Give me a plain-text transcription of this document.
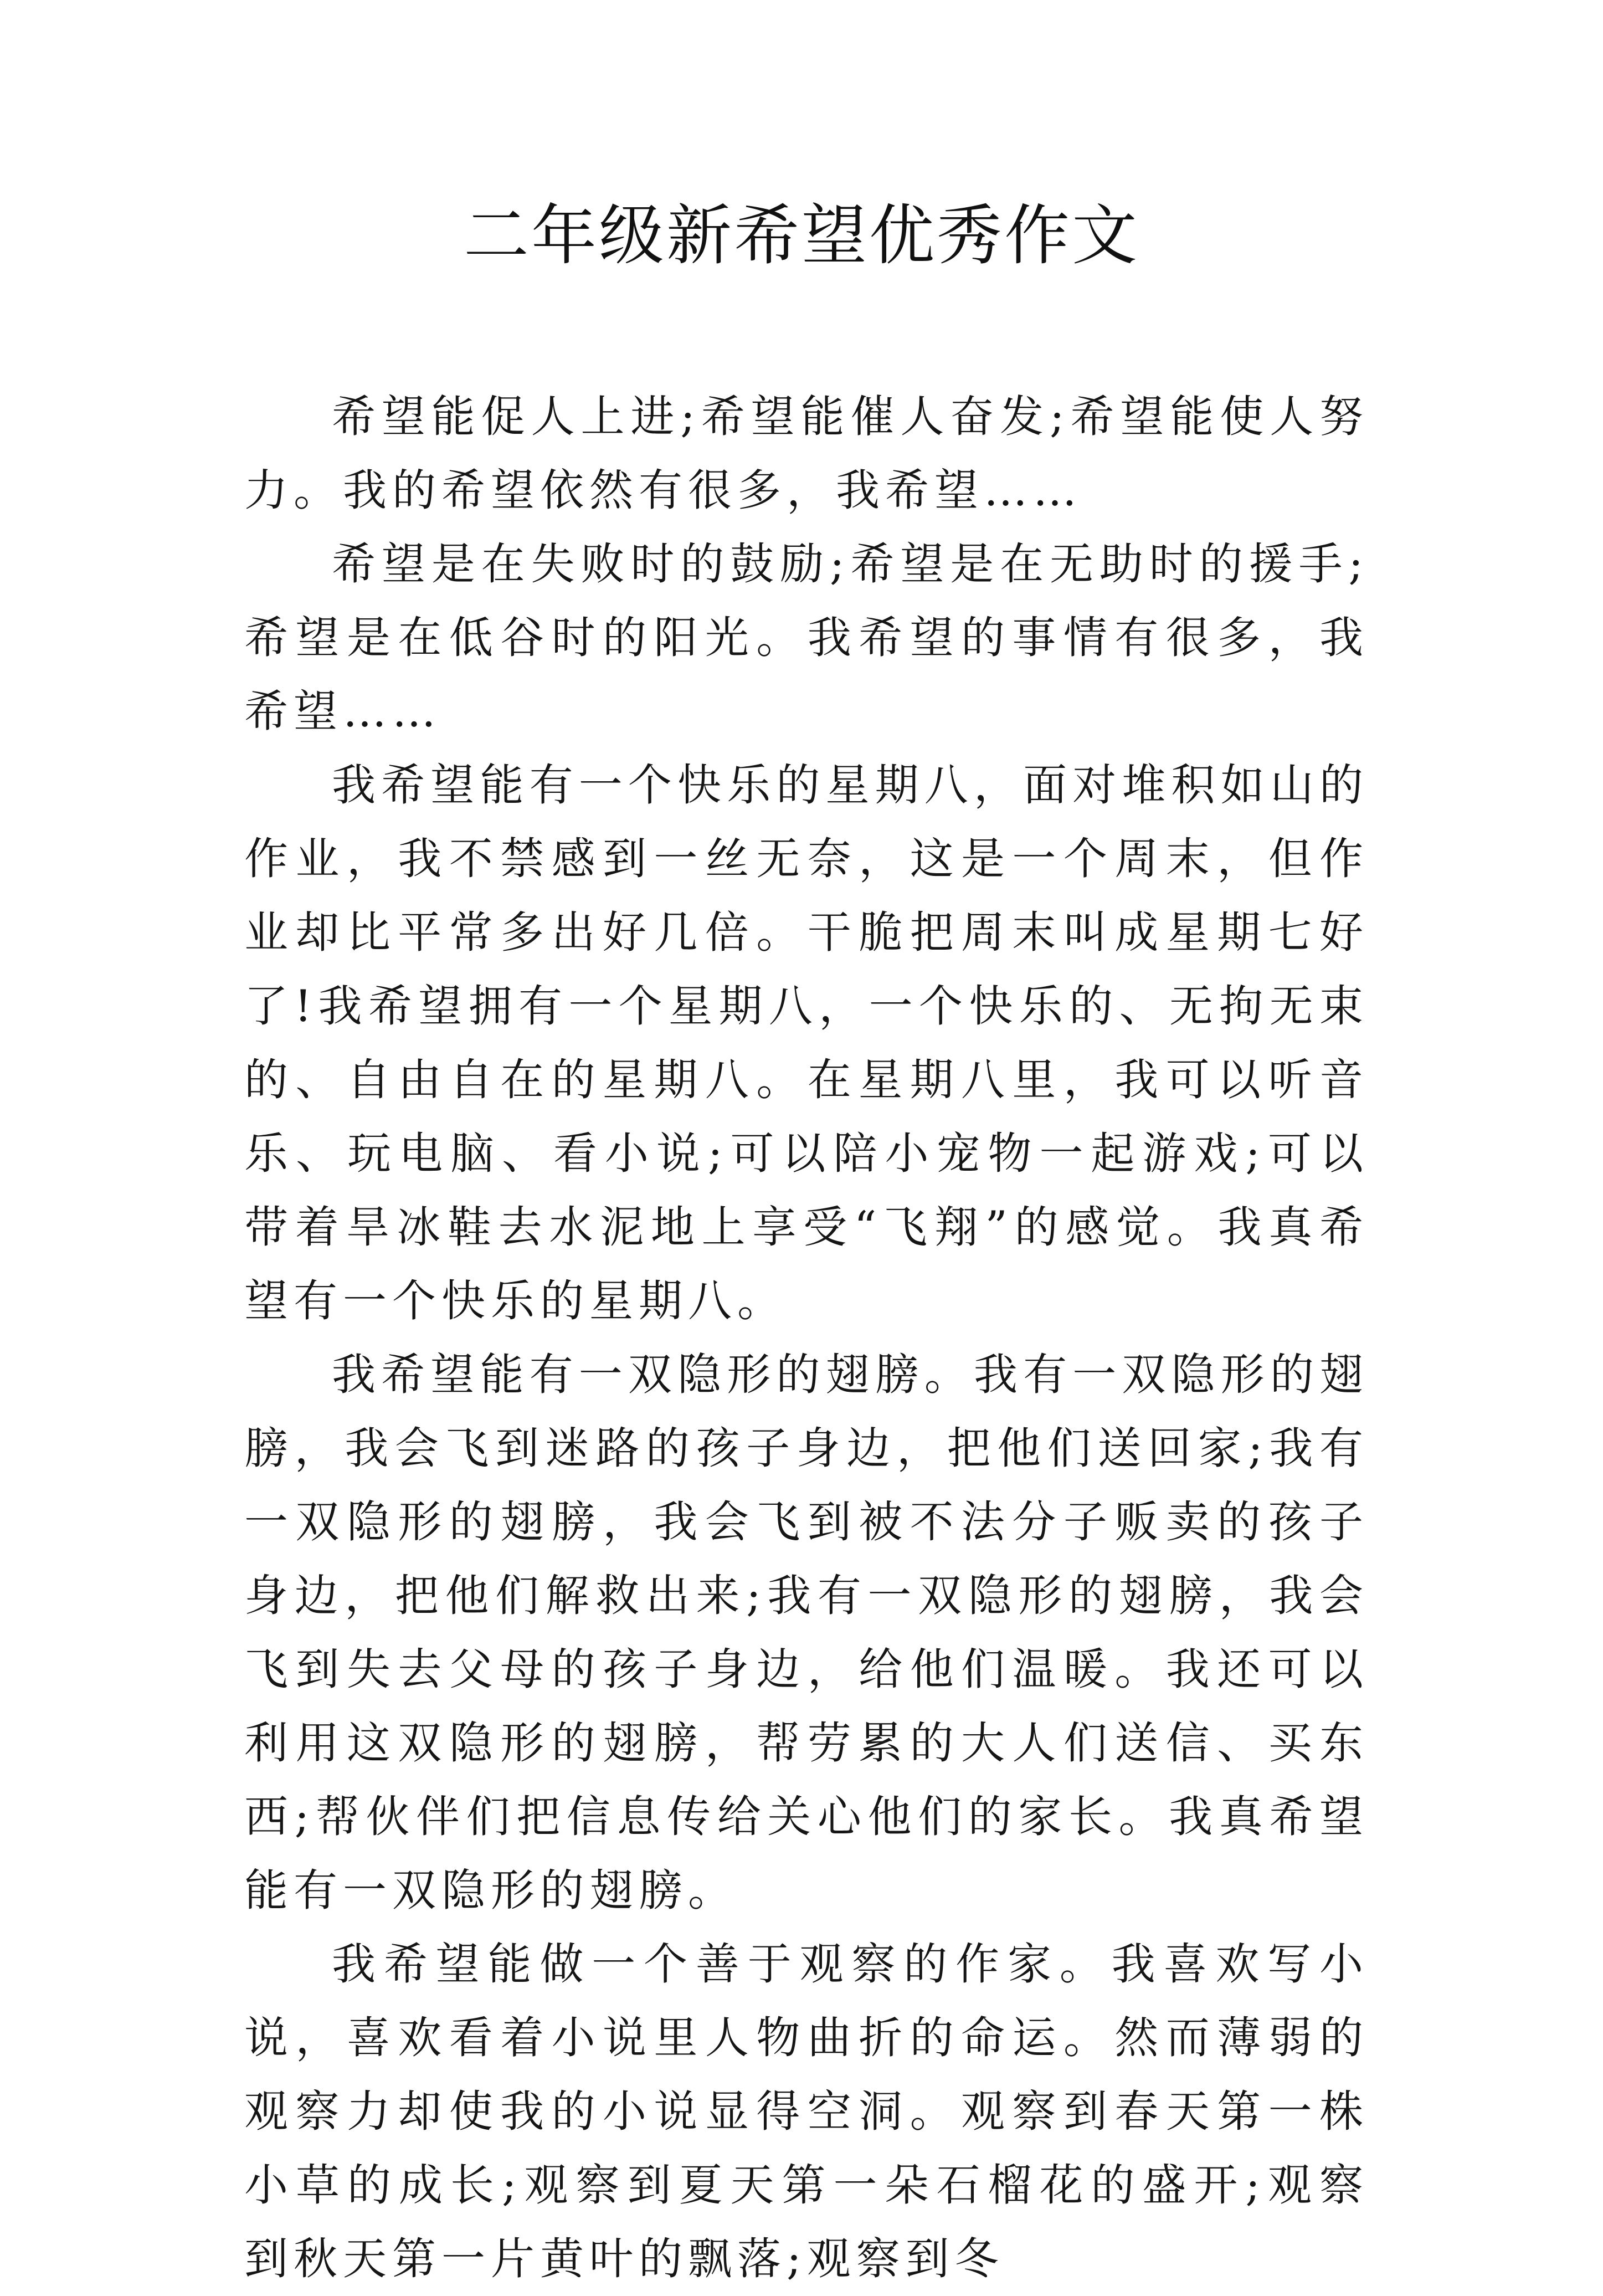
二年级新希望优秀作文

希望能促人上进;希望能催人奋发;希望能使人努力。我的希望依然有很多，我希望……

希望是在失败时的鼓励;希望是在无助时的援手;希望是在低谷时的阳光。我希望的事情有很多，我希望……

我希望能有一个快乐的星期八，面对堆积如山的作业，我不禁感到一丝无奈，这是一个周末，但作业却比平常多出好几倍。干脆把周末叫成星期七好了!我希望拥有一个星期八，一个快乐的、无拘无束的、自由自在的星期八。在星期八里，我可以听音乐、玩电脑、看小说;可以陪小宠物一起游戏;可以带着旱冰鞋去水泥地上享受“飞翔”的感觉。我真希望有一个快乐的星期八。

我希望能有一双隐形的翅膀。我有一双隐形的翅膀，我会飞到迷路的孩子身边，把他们送回家;我有一双隐形的翅膀，我会飞到被不法分子贩卖的孩子身边，把他们解救出来;我有一双隐形的翅膀，我会飞到失去父母的孩子身边，给他们温暖。我还可以利用这双隐形的翅膀，帮劳累的大人们送信、买东西;帮伙伴们把信息传给关心他们的家长。我真希望能有一双隐形的翅膀。

我希望能做一个善于观察的作家。我喜欢写小说，喜欢看着小说里人物曲折的命运。然而薄弱的观察力却使我的小说显得空洞。观察到春天第一株小草的成长;观察到夏天第一朵石榴花的盛开;观察到秋天第一片黄叶的飘落;观察到冬
